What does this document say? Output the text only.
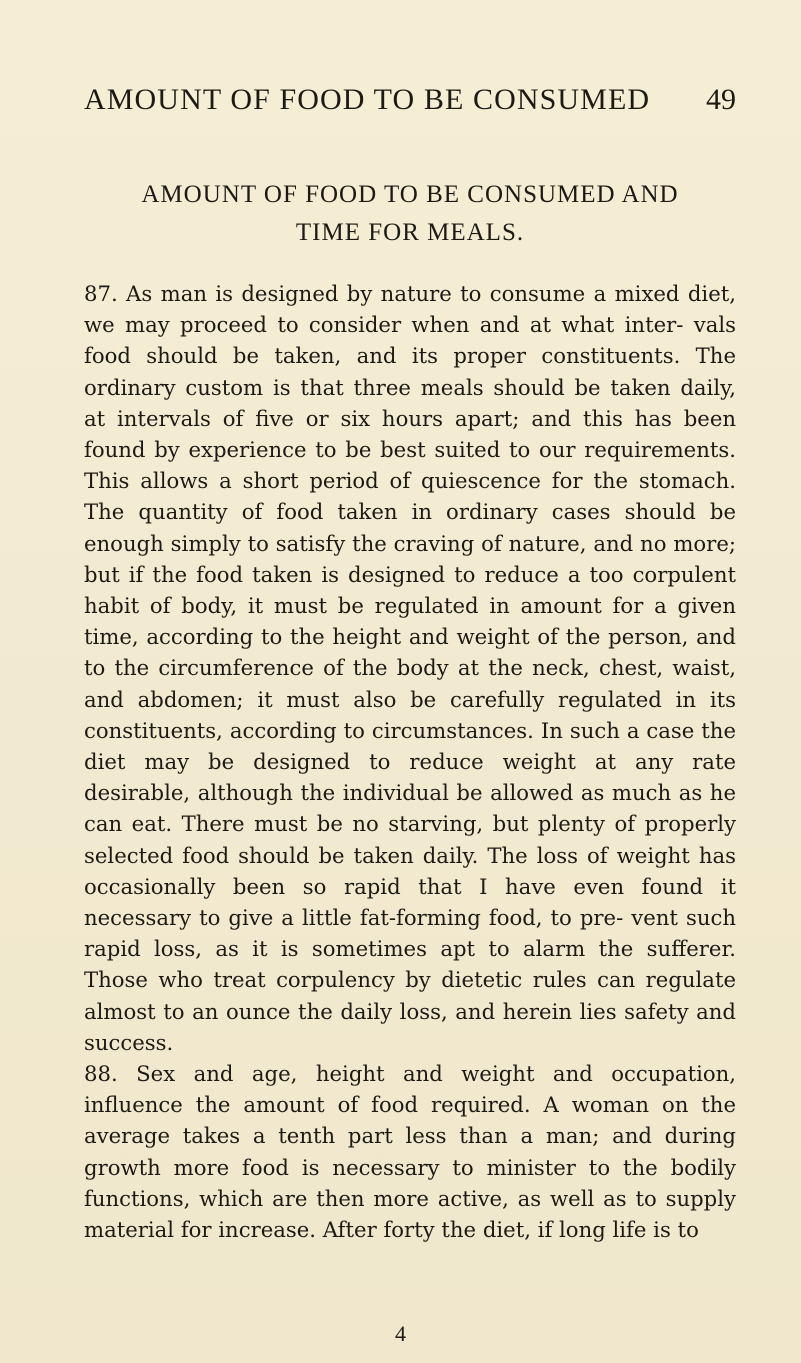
AMOUNT OF FOOD TO BE CONSUMED 49
AMOUNT OF FOOD TO BE CONSUMED AND
TIME FOR MEALS.

87. As man is designed by nature to consume a mixed diet, we may proceed to consider when and at what inter- vals food should be taken, and its proper constituents. The ordinary custom is that three meals should be taken daily, at intervals of five or six hours apart; and this has been found by experience to be best suited to our requirements. This allows a short period of quiescence for the stomach. The quantity of food taken in ordinary cases should be enough simply to satisfy the craving of nature, and no more; but if the food taken is designed to reduce a too corpulent habit of body, it must be regulated in amount for a given time, according to the height and weight of the person, and to the circumference of the body at the neck, chest, waist, and abdomen; it must also be carefully regulated in its constituents, according to circumstances. In such a case the diet may be designed to reduce weight at any rate desirable, although the individual be allowed as much as he can eat. There must be no starving, but plenty of properly selected food should be taken daily. The loss of weight has occasionally been so rapid that I have even found it necessary to give a little fat-forming food, to pre- vent such rapid loss, as it is sometimes apt to alarm the sufferer. Those who treat corpulency by dietetic rules can regulate almost to an ounce the daily loss, and herein lies safety and success.

88. Sex and age, height and weight and occupation, influence the amount of food required. A woman on the average takes a tenth part less than a man; and during growth more food is necessary to minister to the bodily functions, which are then more active, as well as to supply material for increase. After forty the diet, if long life is to

4
